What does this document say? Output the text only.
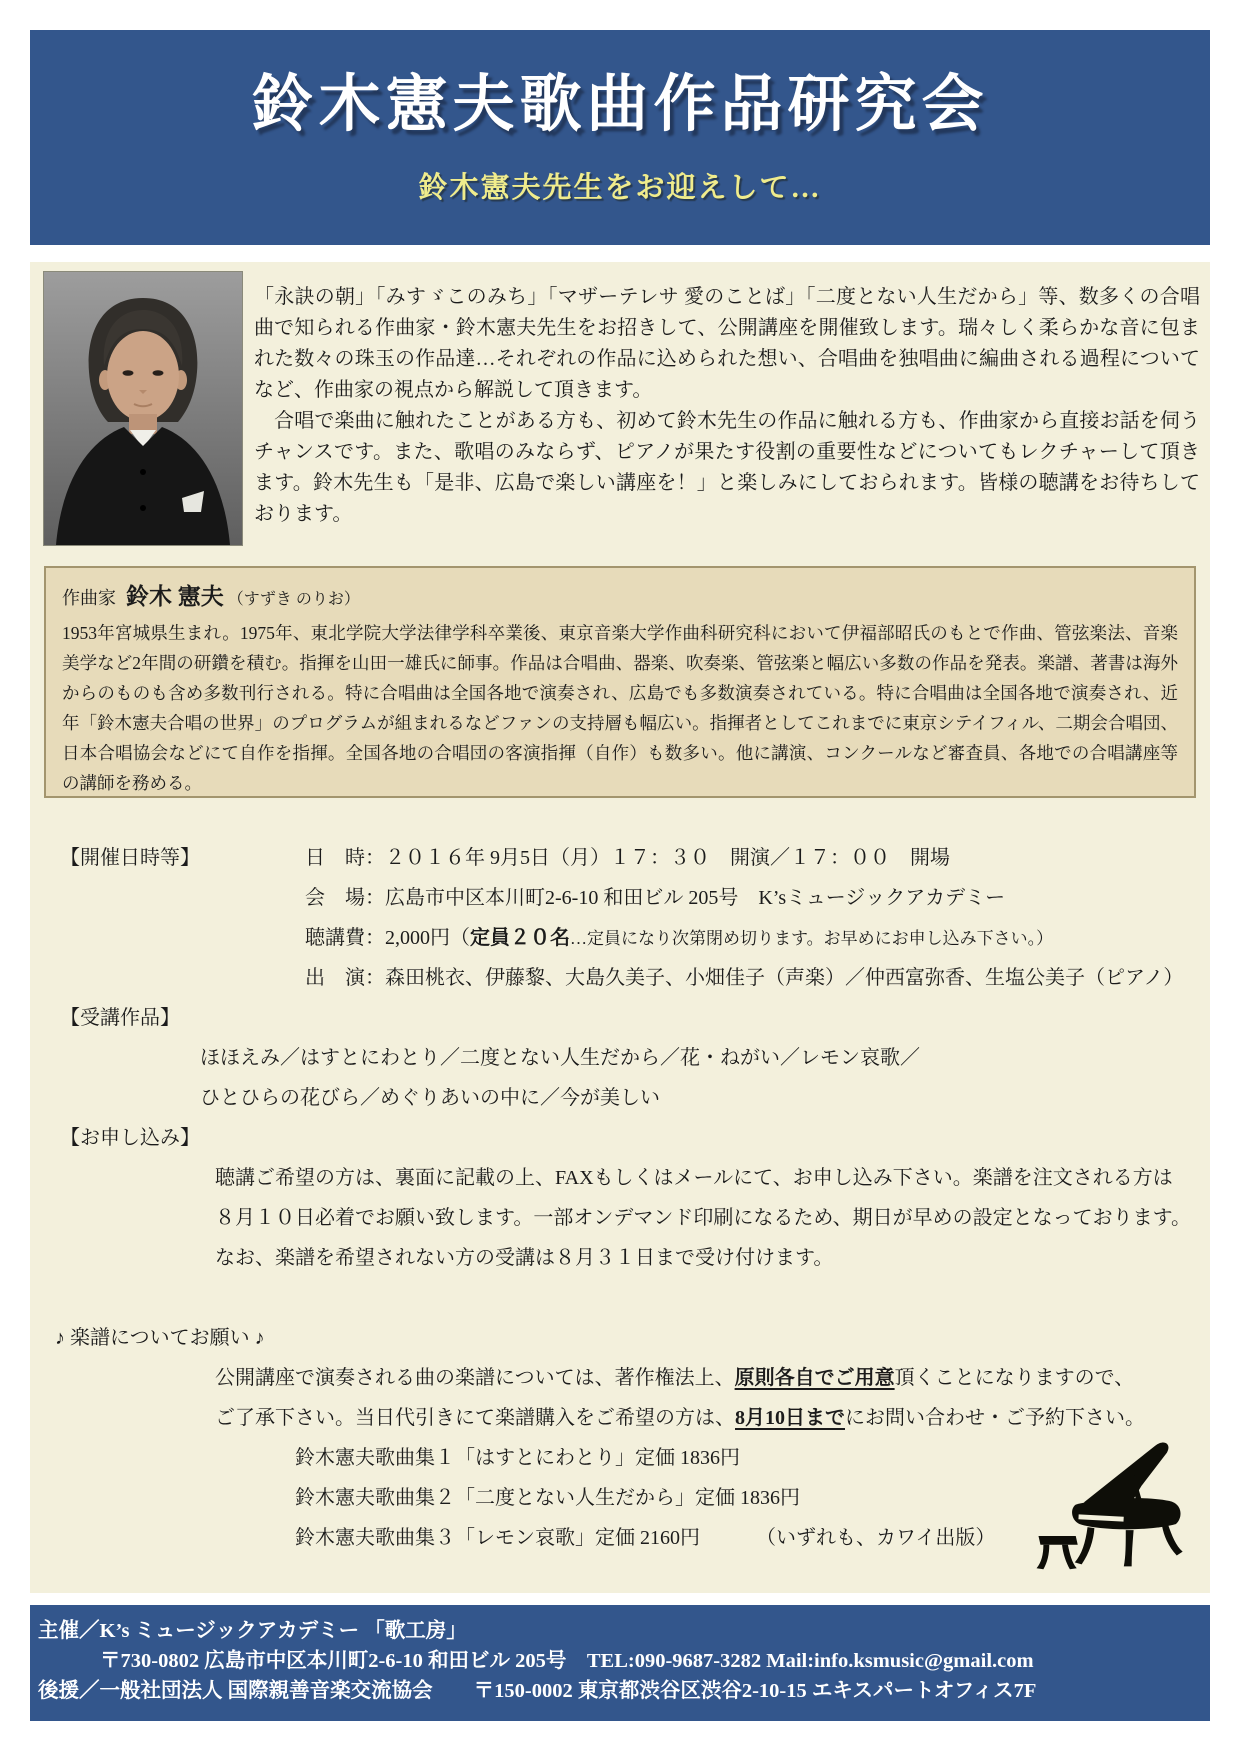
鈴木憲夫歌曲作品研究会
鈴木憲夫先生をお迎えして…

「永訣の朝」「みすゞこのみち」「マザーテレサ 愛のことば」「二度とない人生だから」等、数多くの合唱曲で知られる作曲家・鈴木憲夫先生をお招きして、公開講座を開催致します。瑞々しく柔らかな音に包まれた数々の珠玉の作品達…それぞれの作品に込められた想い、合唱曲を独唱曲に編曲される過程についてなど、作曲家の視点から解説して頂きます。

　合唱で楽曲に触れたことがある方も、初めて鈴木先生の作品に触れる方も、作曲家から直接お話を伺うチャンスです。また、歌唱のみならず、ピアノが果たす役割の重要性などについてもレクチャーして頂きます。鈴木先生も「是非、広島で楽しい講座を！」と楽しみにしておられます。皆様の聴講をお待ちしております。

作曲家 鈴木 憲夫 （すずき のりお）

1953年宮城県生まれ。1975年、東北学院大学法律学科卒業後、東京音楽大学作曲科研究科において伊福部昭氏のもとで作曲、管弦楽法、音楽美学など2年間の研鑽を積む。指揮を山田一雄氏に師事。作品は合唱曲、器楽、吹奏楽、管弦楽と幅広い多数の作品を発表。楽譜、著書は海外からのものも含め多数刊行される。特に合唱曲は全国各地で演奏され、広島でも多数演奏されている。特に合唱曲は全国各地で演奏され、近年「鈴木憲夫合唱の世界」のプログラムが組まれるなどファンの支持層も幅広い。指揮者としてこれまでに東京シテイフィル、二期会合唱団、日本合唱協会などにて自作を指揮。全国各地の合唱団の客演指揮（自作）も数多い。他に講演、コンクールなど審査員、各地での合唱講座等の講師を務める。

【開催日時等】	日　時：２０１６年 9月5日（月）１７：３０　開演／１７：００　開場
会　場：広島市中区本川町2-6-10 和田ビル 205号　K’sミュージックアカデミー
聴講費：2,000円（定員２０名…定員になり次第閉め切ります。お早めにお申し込み下さい。）
出　演：森田桃衣、伊藤黎、大島久美子、小畑佳子（声楽）／仲西富弥香、生塩公美子（ピアノ）
【受講作品】
ほほえみ／はすとにわとり／二度とない人生だから／花・ねがい／レモン哀歌／
ひとひらの花びら／めぐりあいの中に／今が美しい
【お申し込み】
聴講ご希望の方は、裏面に記載の上、FAXもしくはメールにて、お申し込み下さい。楽譜を注文される方は
８月１０日必着でお願い致します。一部オンデマンド印刷になるため、期日が早めの設定となっております。
なお、楽譜を希望されない方の受講は８月３１日まで受け付けます。
♪ 楽譜についてお願い ♪
公開講座で演奏される曲の楽譜については、著作権法上、原則各自でご用意頂くことになりますので、
ご了承下さい。当日代引きにて楽譜購入をご希望の方は、8月10日までにお問い合わせ・ご予約下さい。
鈴木憲夫歌曲集１「はすとにわとり」定価 1836円
鈴木憲夫歌曲集２「二度とない人生だから」定価 1836円
鈴木憲夫歌曲集３「レモン哀歌」定価 2160円	（いずれも、カワイ出版）
主催／K’s ミュージックアカデミー 「歌工房」
〒730-0802 広島市中区本川町2-6-10 和田ビル 205号　TEL:090-9687-3282 Mail:info.ksmusic@gmail.com
後援／一般社団法人 国際親善音楽交流協会　　〒150-0002 東京都渋谷区渋谷2-10-15 エキスパートオフィス7F
